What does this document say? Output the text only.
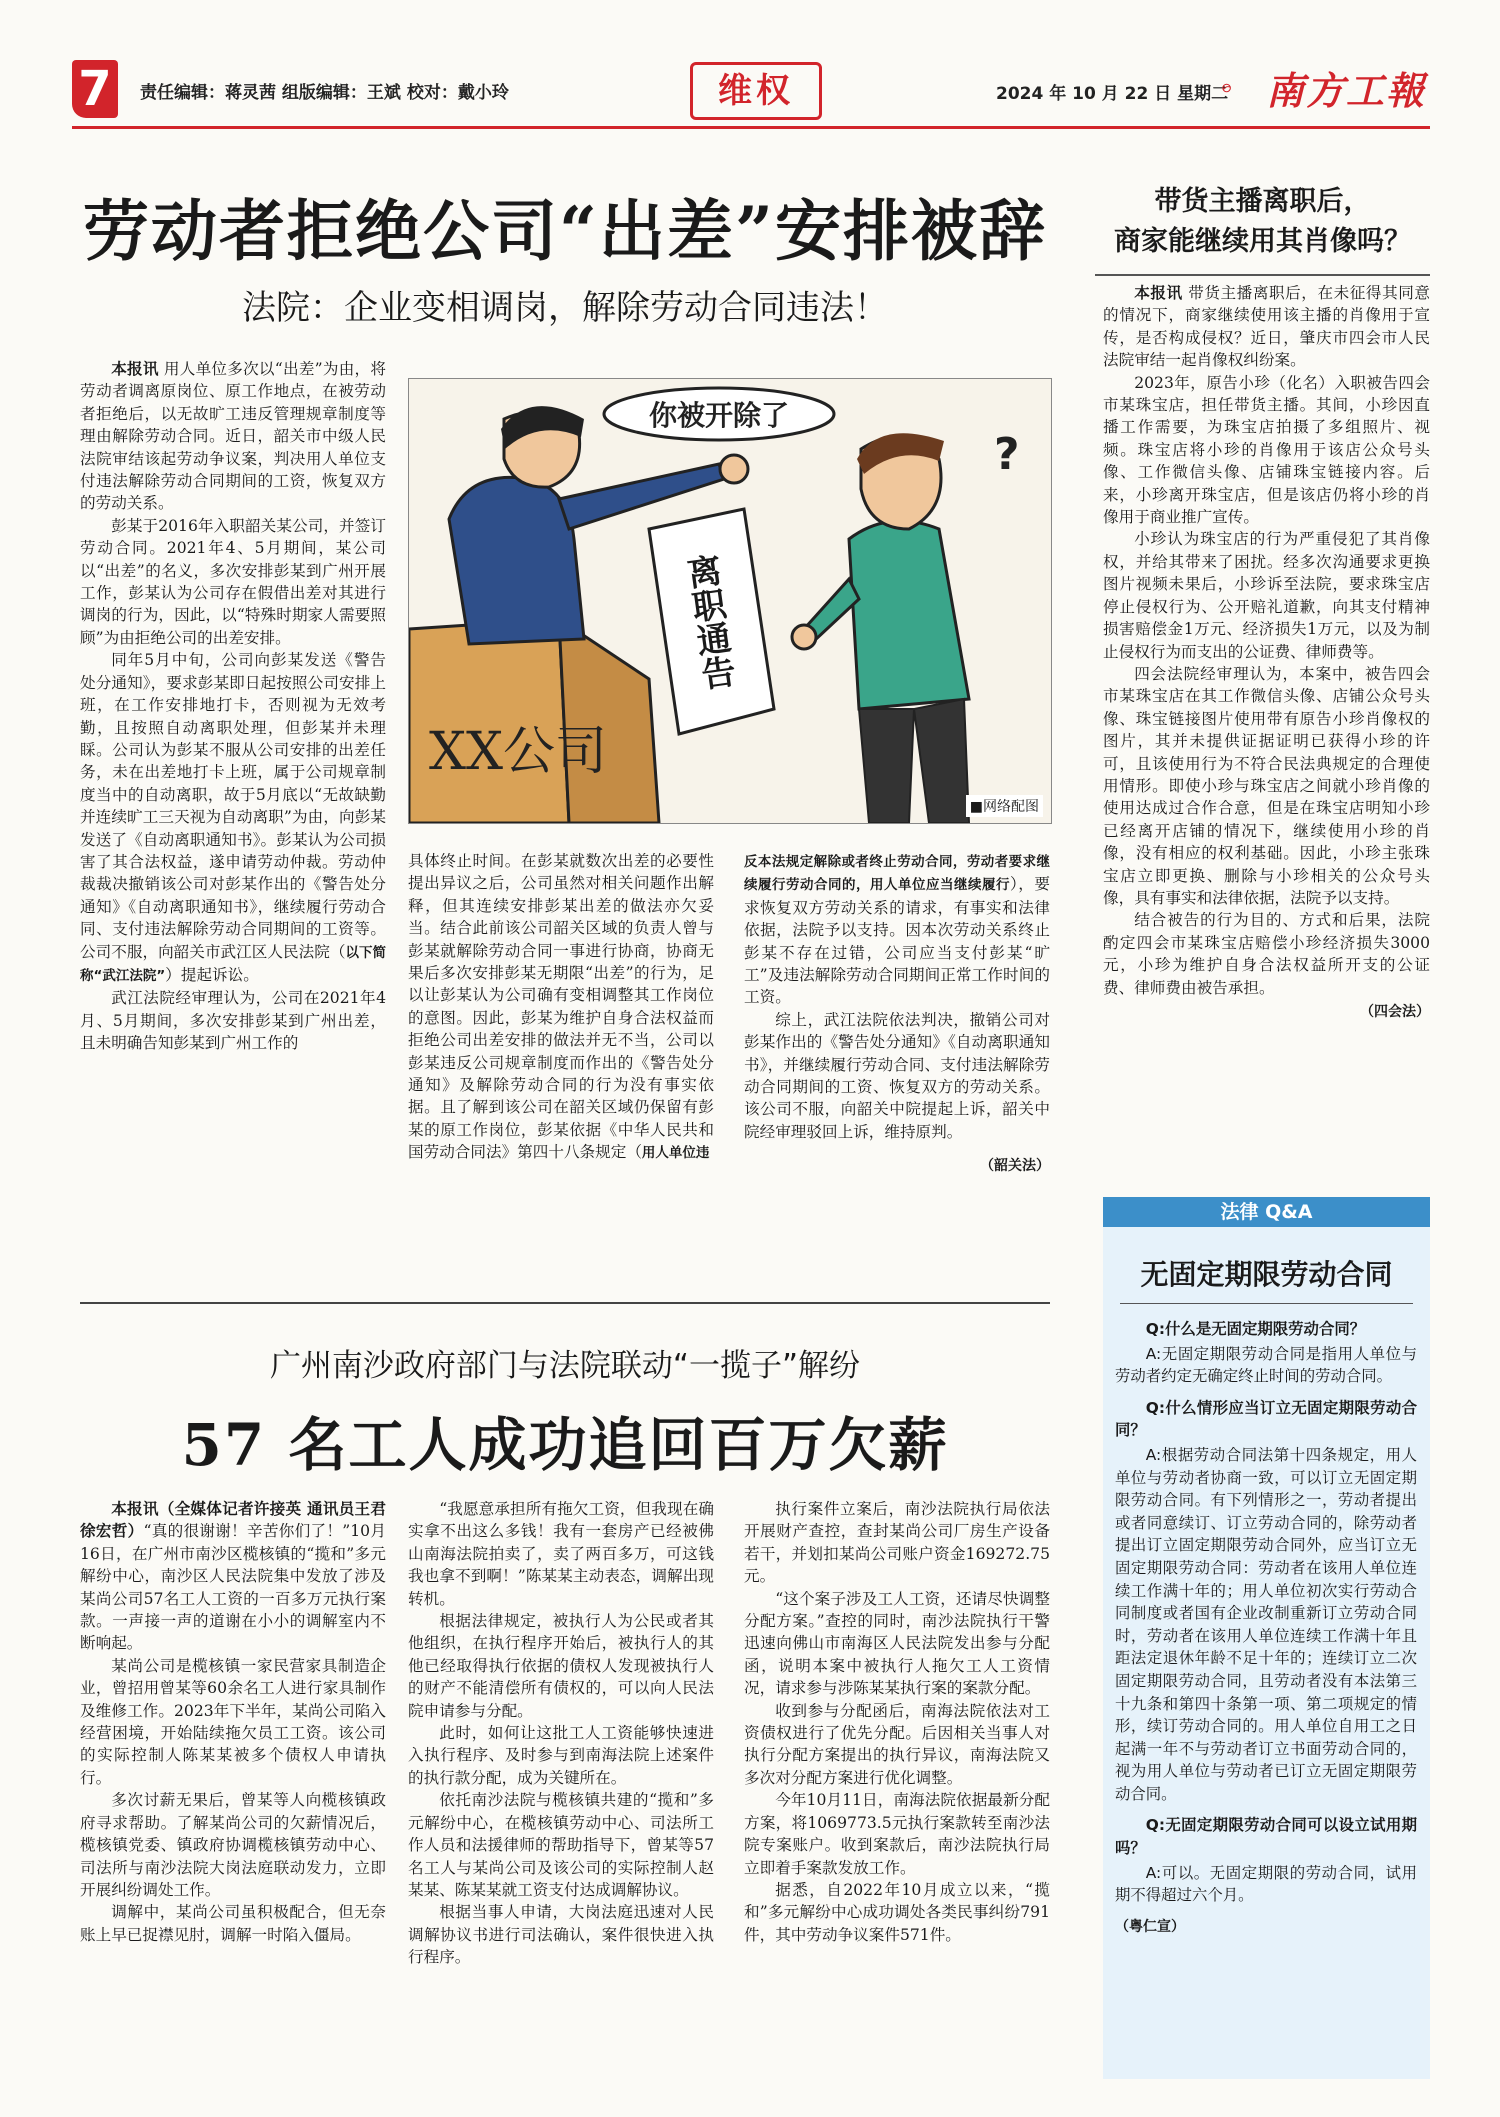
7	责任编辑：蒋灵茜 组版编辑：王斌 校对：戴小玲	维权	2024 年 10 月 22 日 星期二 南方工報
劳动者拒绝公司“出差”安排被辞
法院：企业变相调岗，解除劳动合同违法！

本报讯 用人单位多次以“出差”为由，将劳动者调离原岗位、原工作地点，在被劳动者拒绝后，以无故旷工违反管理规章制度等理由解除劳动合同。近日，韶关市中级人民法院审结该起劳动争议案，判决用人单位支付违法解除劳动合同期间的工资，恢复双方的劳动关系。

彭某于2016年入职韶关某公司，并签订劳动合同。2021年4、5月期间，某公司以“出差”的名义，多次安排彭某到广州开展工作，彭某认为公司存在假借出差对其进行调岗的行为，因此，以“特殊时期家人需要照顾”为由拒绝公司的出差安排。

同年5月中旬，公司向彭某发送《警告处分通知》，要求彭某即日起按照公司安排上班，在工作安排地打卡，否则视为无效考勤，且按照自动离职处理，但彭某并未理睬。公司认为彭某不服从公司安排的出差任务，未在出差地打卡上班，属于公司规章制度当中的自动离职，故于5月底以“无故缺勤并连续旷工三天视为自动离职”为由，向彭某发送了《自动离职通知书》。彭某认为公司损害了其合法权益，遂申请劳动仲裁。劳动仲裁裁决撤销该公司对彭某作出的《警告处分通知》《自动离职通知书》，继续履行劳动合同、支付违法解除劳动合同期间的工资等。公司不服，向韶关市武江区人民法院（以下简称“武江法院”）提起诉讼。

武江法院经审理认为，公司在2021年4月、5月期间，多次安排彭某到广州出差，且未明确告知彭某到广州工作的

?
你被开除了
XX公司
离职通告
■网络配图

具体终止时间。在彭某就数次出差的必要性提出异议之后，公司虽然对相关问题作出解释，但其连续安排彭某出差的做法亦欠妥当。结合此前该公司韶关区域的负责人曾与彭某就解除劳动合同一事进行协商，协商无果后多次安排彭某无期限“出差”的行为，足以让彭某认为公司确有变相调整其工作岗位的意图。因此，彭某为维护自身合法权益而拒绝公司出差安排的做法并无不当，公司以彭某违反公司规章制度而作出的《警告处分通知》及解除劳动合同的行为没有事实依据。且了解到该公司在韶关区域仍保留有彭某的原工作岗位，彭某依据《中华人民共和国劳动合同法》第四十八条规定（用人单位违

反本法规定解除或者终止劳动合同，劳动者要求继续履行劳动合同的，用人单位应当继续履行），要求恢复双方劳动关系的请求，有事实和法律依据，法院予以支持。因本次劳动关系终止彭某不存在过错，公司应当支付彭某“旷工”及违法解除劳动合同期间正常工作时间的工资。

综上，武江法院依法判决，撤销公司对彭某作出的《警告处分通知》《自动离职通知书》，并继续履行劳动合同、支付违法解除劳动合同期间的工资、恢复双方的劳动关系。该公司不服，向韶关中院提起上诉，韶关中院经审理驳回上诉，维持原判。

（韶关法）

广州南沙政府部门与法院联动“一揽子”解纷
57 名工人成功追回百万欠薪

本报讯（全媒体记者许接英 通讯员王君 徐宏哲）“真的很谢谢！辛苦你们了！”10月16日，在广州市南沙区榄核镇的“揽和”多元解纷中心，南沙区人民法院集中发放了涉及某尚公司57名工人工资的一百多万元执行案款。一声接一声的道谢在小小的调解室内不断响起。

某尚公司是榄核镇一家民营家具制造企业，曾招用曾某等60余名工人进行家具制作及维修工作。2023年下半年，某尚公司陷入经营困境，开始陆续拖欠员工工资。该公司的实际控制人陈某某被多个债权人申请执行。

多次讨薪无果后，曾某等人向榄核镇政府寻求帮助。了解某尚公司的欠薪情况后，榄核镇党委、镇政府协调榄核镇劳动中心、司法所与南沙法院大岗法庭联动发力，立即开展纠纷调处工作。

调解中，某尚公司虽积极配合，但无奈账上早已捉襟见肘，调解一时陷入僵局。

“我愿意承担所有拖欠工资，但我现在确实拿不出这么多钱！我有一套房产已经被佛山南海法院拍卖了，卖了两百多万，可这钱我也拿不到啊！”陈某某主动表态，调解出现转机。

根据法律规定，被执行人为公民或者其他组织，在执行程序开始后，被执行人的其他已经取得执行依据的债权人发现被执行人的财产不能清偿所有债权的，可以向人民法院申请参与分配。

此时，如何让这批工人工资能够快速进入执行程序、及时参与到南海法院上述案件的执行款分配，成为关键所在。

依托南沙法院与榄核镇共建的“揽和”多元解纷中心，在榄核镇劳动中心、司法所工作人员和法援律师的帮助指导下，曾某等57名工人与某尚公司及该公司的实际控制人赵某某、陈某某就工资支付达成调解协议。

根据当事人申请，大岗法庭迅速对人民调解协议书进行司法确认，案件很快进入执行程序。

执行案件立案后，南沙法院执行局依法开展财产查控，查封某尚公司厂房生产设备若干，并划扣某尚公司账户资金169272.75元。

“这个案子涉及工人工资，还请尽快调整分配方案。”查控的同时，南沙法院执行干警迅速向佛山市南海区人民法院发出参与分配函，说明本案中被执行人拖欠工人工资情况，请求参与涉陈某某执行案的案款分配。

收到参与分配函后，南海法院依法对工资债权进行了优先分配。后因相关当事人对执行分配方案提出的执行异议，南海法院又多次对分配方案进行优化调整。

今年10月11日，南海法院依据最新分配方案，将1069773.5元执行案款转至南沙法院专案账户。收到案款后，南沙法院执行局立即着手案款发放工作。

据悉，自2022年10月成立以来，“揽和”多元解纷中心成功调处各类民事纠纷791件，其中劳动争议案件571件。

带货主播离职后，
商家能继续用其肖像吗？

本报讯 带货主播离职后，在未征得其同意的情况下，商家继续使用该主播的肖像用于宣传，是否构成侵权？近日，肇庆市四会市人民法院审结一起肖像权纠纷案。

2023年，原告小珍（化名）入职被告四会市某珠宝店，担任带货主播。其间，小珍因直播工作需要，为珠宝店拍摄了多组照片、视频。珠宝店将小珍的肖像用于该店公众号头像、工作微信头像、店铺珠宝链接内容。后来，小珍离开珠宝店，但是该店仍将小珍的肖像用于商业推广宣传。

小珍认为珠宝店的行为严重侵犯了其肖像权，并给其带来了困扰。经多次沟通要求更换图片视频未果后，小珍诉至法院，要求珠宝店停止侵权行为、公开赔礼道歉，向其支付精神损害赔偿金1万元、经济损失1万元，以及为制止侵权行为而支出的公证费、律师费等。

四会法院经审理认为，本案中，被告四会市某珠宝店在其工作微信头像、店铺公众号头像、珠宝链接图片使用带有原告小珍肖像权的图片，其并未提供证据证明已获得小珍的许可，且该使用行为不符合民法典规定的合理使用情形。即使小珍与珠宝店之间就小珍肖像的使用达成过合作合意，但是在珠宝店明知小珍已经离开店铺的情况下，继续使用小珍的肖像，没有相应的权利基础。因此，小珍主张珠宝店立即更换、删除与小珍相关的公众号头像，具有事实和法律依据，法院予以支持。

结合被告的行为目的、方式和后果，法院酌定四会市某珠宝店赔偿小珍经济损失3000元，小珍为维护自身合法权益所开支的公证费、律师费由被告承担。

（四会法）

法律 Q&A
无固定期限劳动合同

Q:什么是无固定期限劳动合同？

A:无固定期限劳动合同是指用人单位与劳动者约定无确定终止时间的劳动合同。

Q:什么情形应当订立无固定期限劳动合同？

A:根据劳动合同法第十四条规定，用人单位与劳动者协商一致，可以订立无固定期限劳动合同。有下列情形之一，劳动者提出或者同意续订、订立劳动合同的，除劳动者提出订立固定期限劳动合同外，应当订立无固定期限劳动合同：劳动者在该用人单位连续工作满十年的；用人单位初次实行劳动合同制度或者国有企业改制重新订立劳动合同时，劳动者在该用人单位连续工作满十年且距法定退休年龄不足十年的；连续订立二次固定期限劳动合同，且劳动者没有本法第三十九条和第四十条第一项、第二项规定的情形，续订劳动合同的。用人单位自用工之日起满一年不与劳动者订立书面劳动合同的，视为用人单位与劳动者已订立无固定期限劳动合同。

Q:无固定期限劳动合同可以设立试用期吗？

A:可以。无固定期限的劳动合同，试用期不得超过六个月。

（粤仁宣）
